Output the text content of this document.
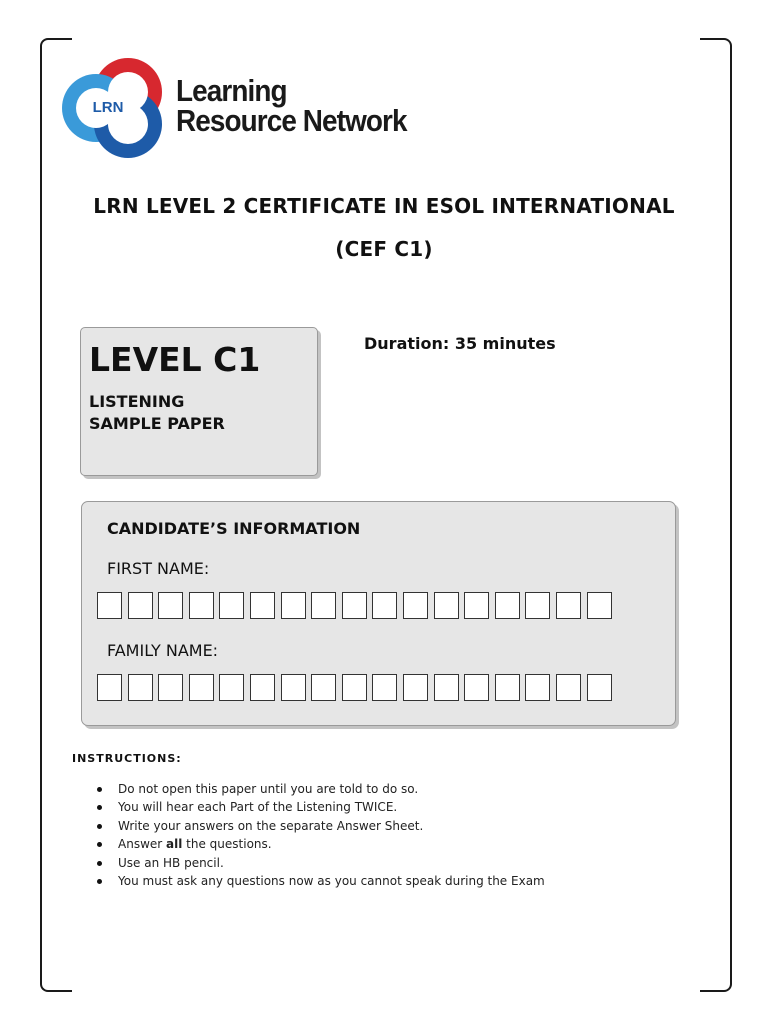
LRN Learning
Resource Network
LRN LEVEL 2 CERTIFICATE IN ESOL INTERNATIONAL
(CEF C1)
LEVEL C1
LISTENING
SAMPLE PAPER
Duration: 35 minutes
CANDIDATE’S INFORMATION
FIRST NAME:
FAMILY NAME:
INSTRUCTIONS:
Do not open this paper until you are told to do so.
You will hear each Part of the Listening TWICE.
Write your answers on the separate Answer Sheet.
Answer all the questions.
Use an HB pencil.
You must ask any questions now as you cannot speak during the Exam
